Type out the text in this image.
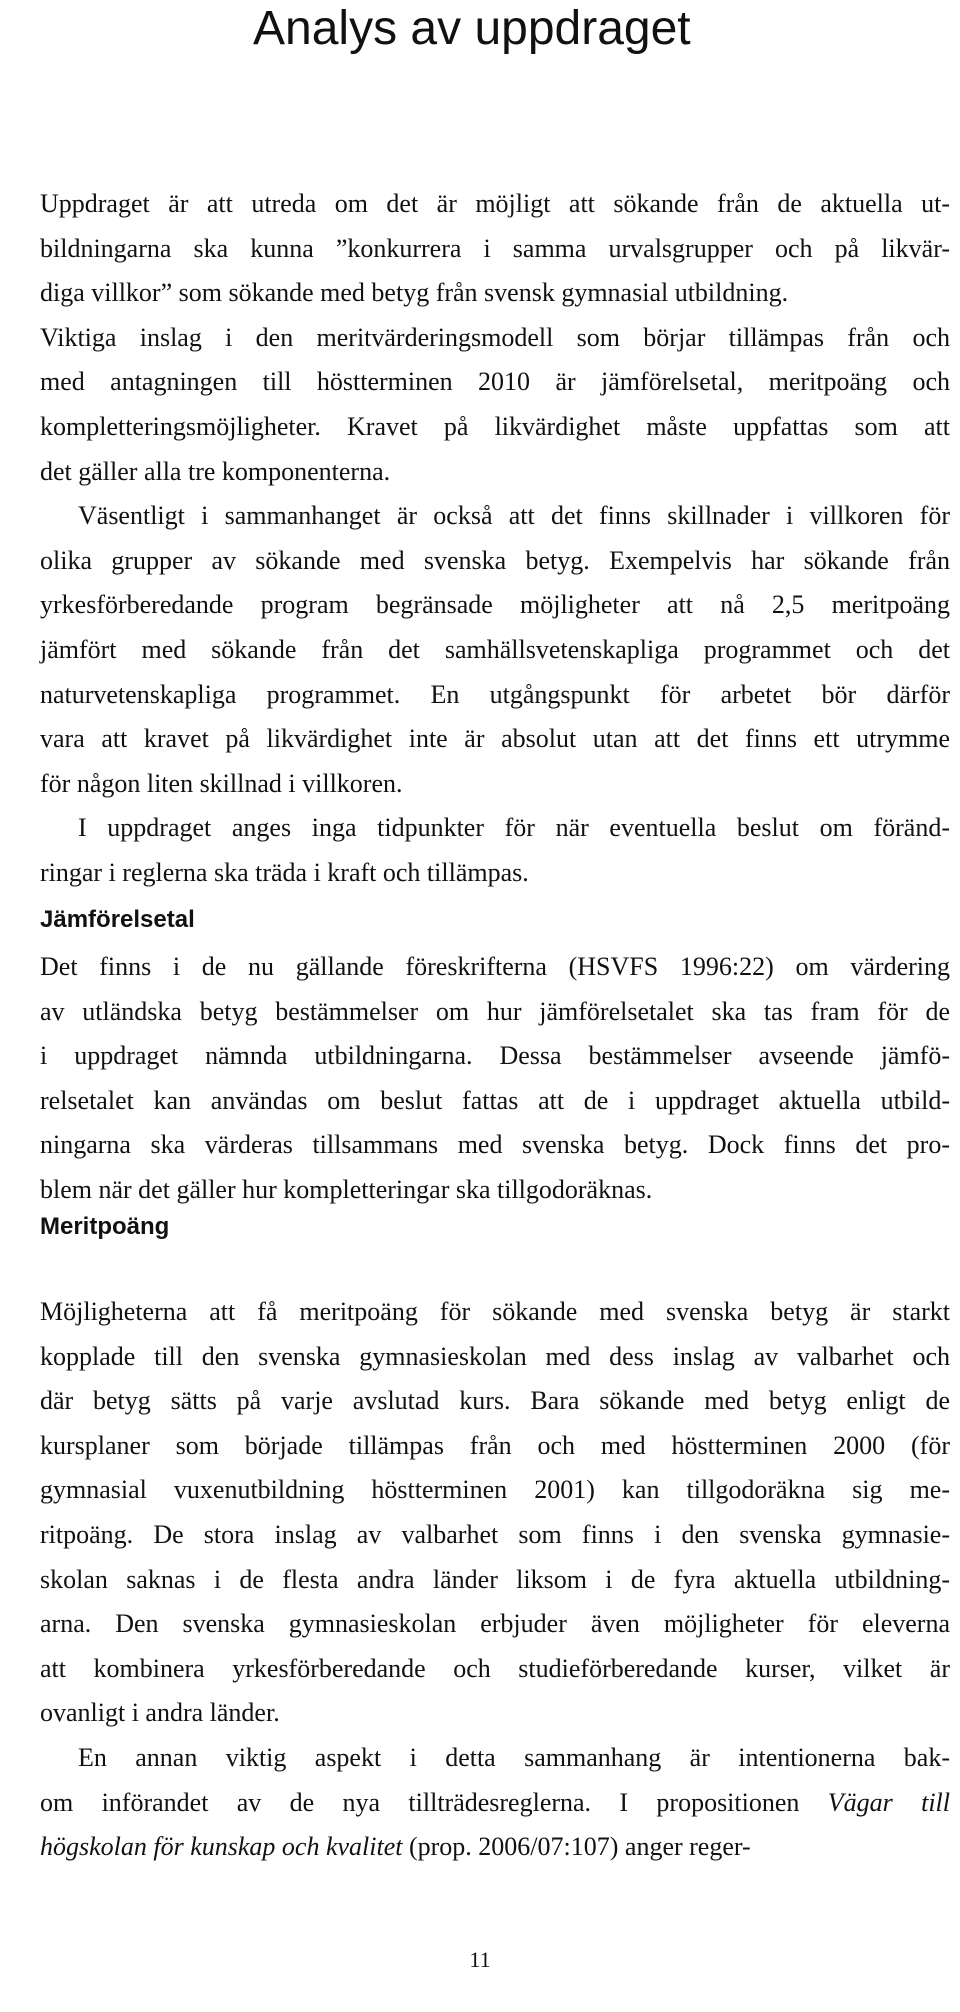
Analys av uppdraget
Uppdraget är att utreda om det är möjligt att sökande från de aktuella ut-
bildningarna ska kunna ”konkurrera i samma urvalsgrupper och på likvär-
diga villkor” som sökande med betyg från svensk gymnasial utbildning.
Viktiga inslag i den meritvärderingsmodell som börjar tillämpas från och
med antagningen till höstterminen 2010 är jämförelsetal, meritpoäng och
kompletteringsmöjligheter. Kravet på likvärdighet måste uppfattas som att
det gäller alla tre komponenterna.
Väsentligt i sammanhanget är också att det finns skillnader i villkoren för
olika grupper av sökande med svenska betyg. Exempelvis har sökande från
yrkesförberedande program begränsade möjligheter att nå 2,5 meritpoäng
jämfört med sökande från det samhällsvetenskapliga programmet och det
naturvetenskapliga programmet. En utgångspunkt för arbetet bör därför
vara att kravet på likvärdighet inte är absolut utan att det finns ett utrymme
för någon liten skillnad i villkoren.
I uppdraget anges inga tidpunkter för när eventuella beslut om föränd-
ringar i reglerna ska träda i kraft och tillämpas.
Jämförelsetal
Det finns i de nu gällande föreskrifterna (HSVFS 1996:22) om värdering
av utländska betyg bestämmelser om hur jämförelsetalet ska tas fram för de
i uppdraget nämnda utbildningarna. Dessa bestämmelser avseende jämfö-
relsetalet kan användas om beslut fattas att de i uppdraget aktuella utbild-
ningarna ska värderas tillsammans med svenska betyg. Dock finns det pro-
blem när det gäller hur kompletteringar ska tillgodoräknas.
Meritpoäng
Möjligheterna att få meritpoäng för sökande med svenska betyg är starkt
kopplade till den svenska gymnasieskolan med dess inslag av valbarhet och
där betyg sätts på varje avslutad kurs. Bara sökande med betyg enligt de
kursplaner som började tillämpas från och med höstterminen 2000 (för
gymnasial vuxenutbildning höstterminen 2001) kan tillgodoräkna sig me-
ritpoäng. De stora inslag av valbarhet som finns i den svenska gymnasie-
skolan saknas i de flesta andra länder liksom i de fyra aktuella utbildning-
arna. Den svenska gymnasieskolan erbjuder även möjligheter för eleverna
att kombinera yrkesförberedande och studieförberedande kurser, vilket är
ovanligt i andra länder.
En annan viktig aspekt i detta sammanhang är intentionerna bak-
om införandet av de nya tillträdesreglerna. I propositionen Vägar till
högskolan för kunskap och kvalitet (prop. 2006/07:107) anger reger-
11
